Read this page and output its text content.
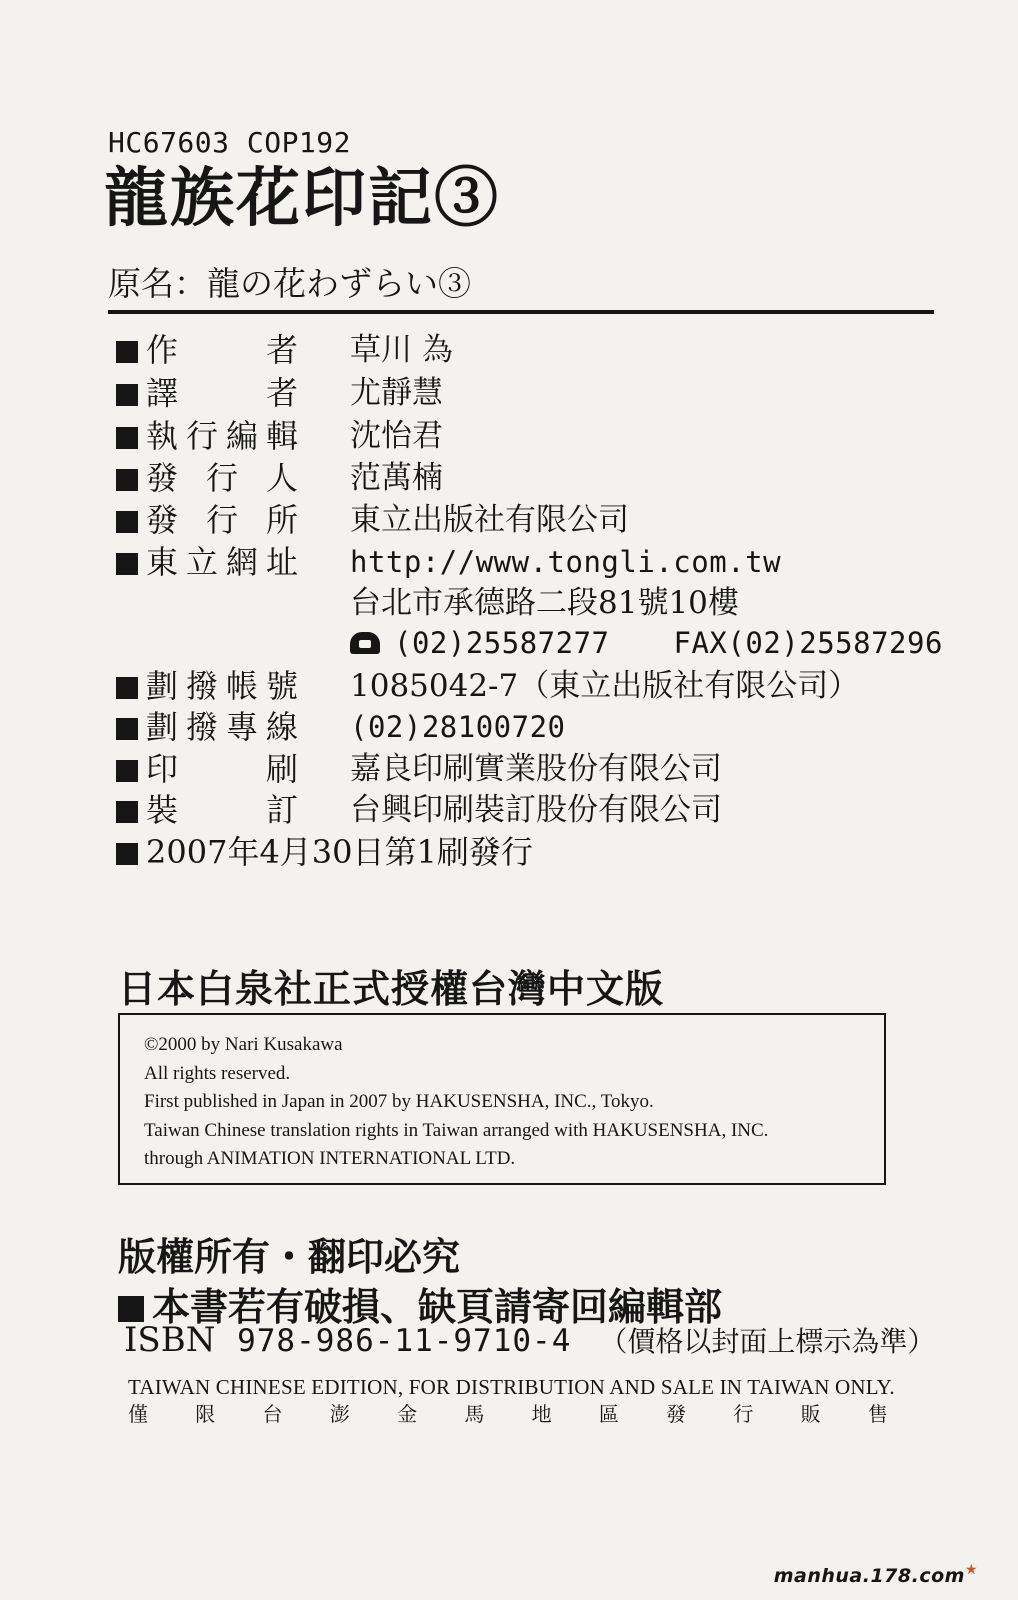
HC67603 COP192
龍族花印記③
原名：龍の花わずらい③
作者 草川 為
譯者 尤靜慧
執行編輯 沈怡君
發行人 范萬楠
發行所 東立出版社有限公司
東立網址 http://www.tongli.com.tw
台北市承德路二段81號10樓
(02)25587277 FAX(02)25587296
劃撥帳號 1085042-7（東立出版社有限公司）
劃撥專線 (02)28100720
印刷 嘉良印刷實業股份有限公司
裝訂 台興印刷裝訂股份有限公司
2007年4月30日第1刷發行
日本白泉社正式授權台灣中文版
©2000 by Nari Kusakawa
All rights reserved.
First published in Japan in 2007 by HAKUSENSHA, INC., Tokyo.
Taiwan Chinese translation rights in Taiwan arranged with HAKUSENSHA, INC.
through ANIMATION INTERNATIONAL LTD.
版權所有・翻印必究
本書若有破損、缺頁請寄回編輯部
ISBN 978-986-11-9710-4 （價格以封面上標示為準）
TAIWAN CHINESE EDITION, FOR DISTRIBUTION AND SALE IN TAIWAN ONLY.
僅 限 台 澎 金 馬 地 區 發 行 販 售
manhua.178.com★
